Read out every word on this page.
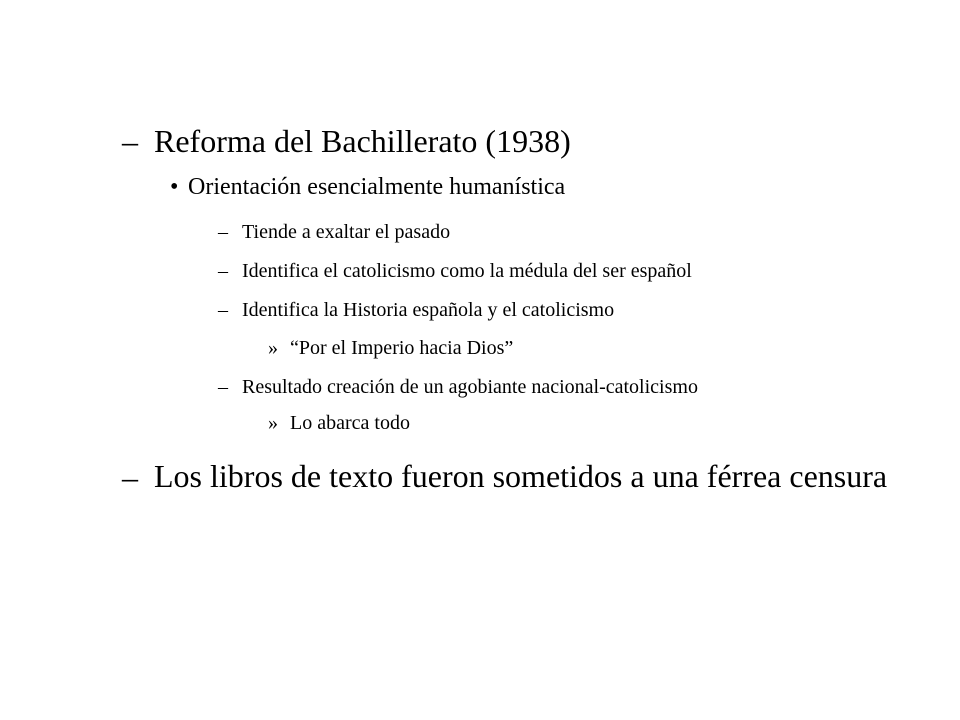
– Reforma del Bachillerato (1938)
• Orientación esencialmente humanística
– Tiende a exaltar el pasado
– Identifica el catolicismo como la médula del ser español
– Identifica la Historia española y el catolicismo
» “Por el Imperio hacia Dios”
– Resultado creación de un agobiante nacional-catolicismo
» Lo abarca todo
– Los libros de texto fueron sometidos a una férrea censura
